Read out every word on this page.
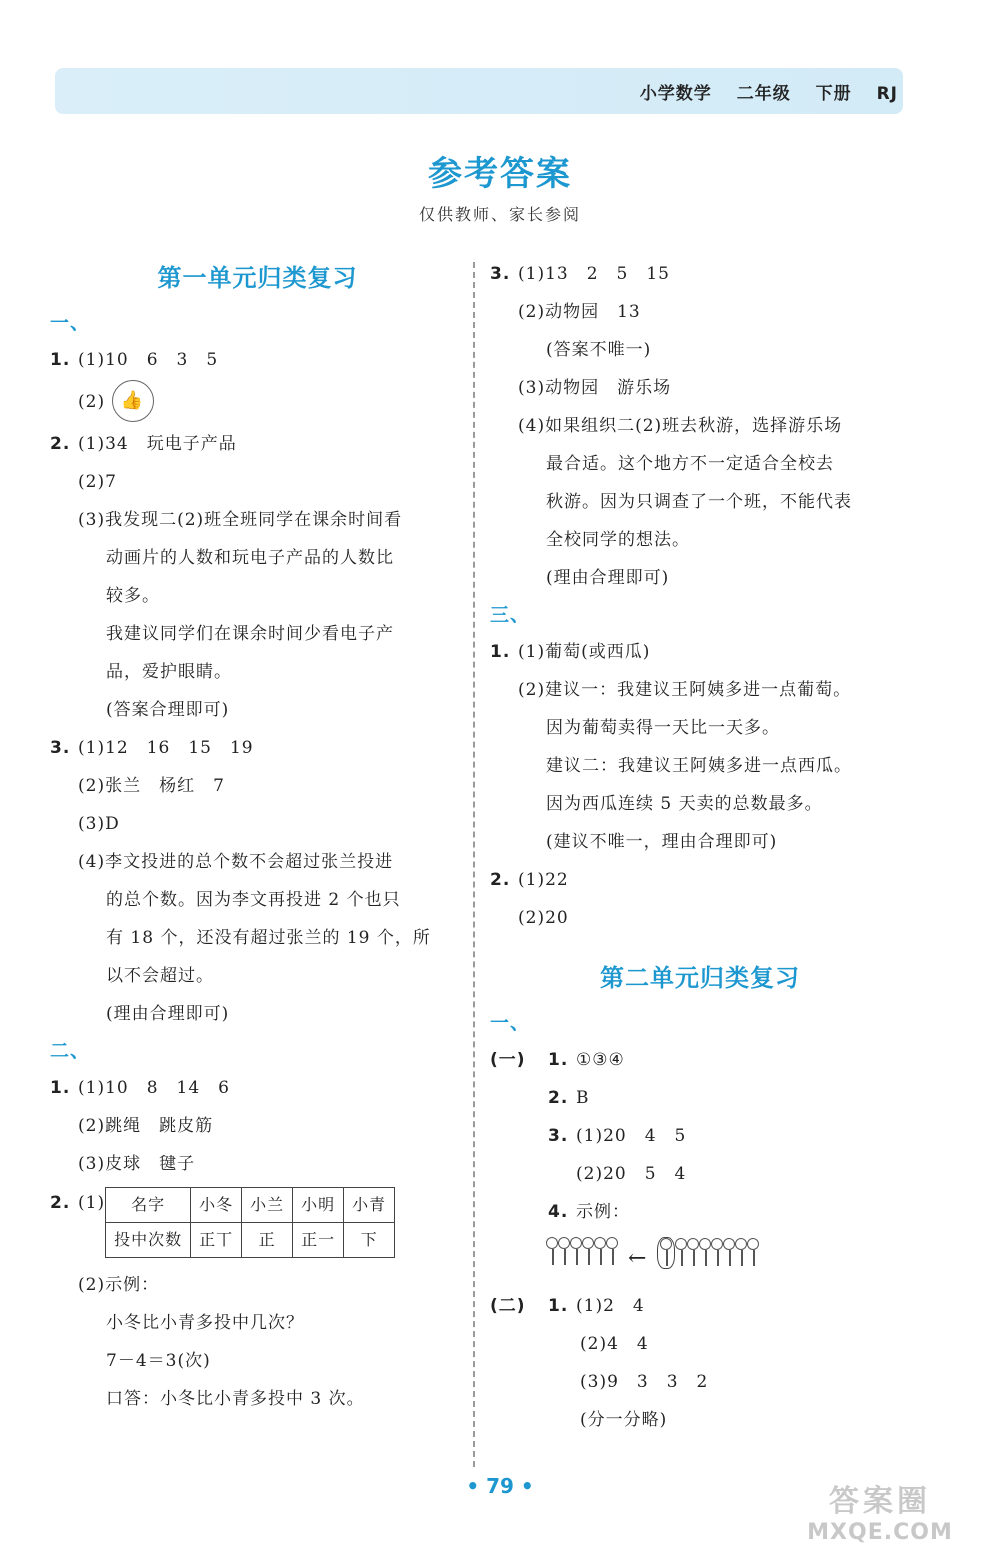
小学数学 二年级 下册 RJ
参考答案
仅供教师、家长参阅
第一单元归类复习
一、
1. (1)10　6　3　5
(2) 👍
2. (1)34　玩电子产品
(2)7
(3)我发现二(2)班全班同学在课余时间看
动画片的人数和玩电子产品的人数比
较多。
我建议同学们在课余时间少看电子产
品，爱护眼睛。
(答案合理即可)
3. (1)12　16　15　19
(2)张兰　杨红　7
(3)D
(4)李文投进的总个数不会超过张兰投进
的总个数。因为李文再投进 2 个也只
有 18 个，还没有超过张兰的 19 个，所
以不会超过。
(理由合理即可)
二、
1. (1)10　8　14　6
(2)跳绳　跳皮筋
(3)皮球　毽子
2. (1) 名字	小冬	小兰	小明	小青
投中次数	正丅	正	正一	下
(2)示例：
小冬比小青多投中几次？
7－4＝3(次)
口答：小冬比小青多投中 3 次。
3. (1)13　2　5　15
(2)动物园　13
(答案不唯一)
(3)动物园　游乐场
(4)如果组织二(2)班去秋游，选择游乐场
最合适。这个地方不一定适合全校去
秋游。因为只调查了一个班，不能代表
全校同学的想法。
(理由合理即可)
三、
1. (1)葡萄(或西瓜)
(2)建议一：我建议王阿姨多进一点葡萄。
因为葡萄卖得一天比一天多。
建议二：我建议王阿姨多进一点西瓜。
因为西瓜连续 5 天卖的总数最多。
(建议不唯一，理由合理即可)
2. (1)22
(2)20
第二单元归类复习
一、
(一)	1. ①③④
2. B
3. (1)20　4　5
(2)20　5　4
4. 示例：
←
(二)	1. (1)2　4
(2)4　4
(3)9　3　3　2
(分一分略)
• 79 •	答案圈
MXQE.COM
